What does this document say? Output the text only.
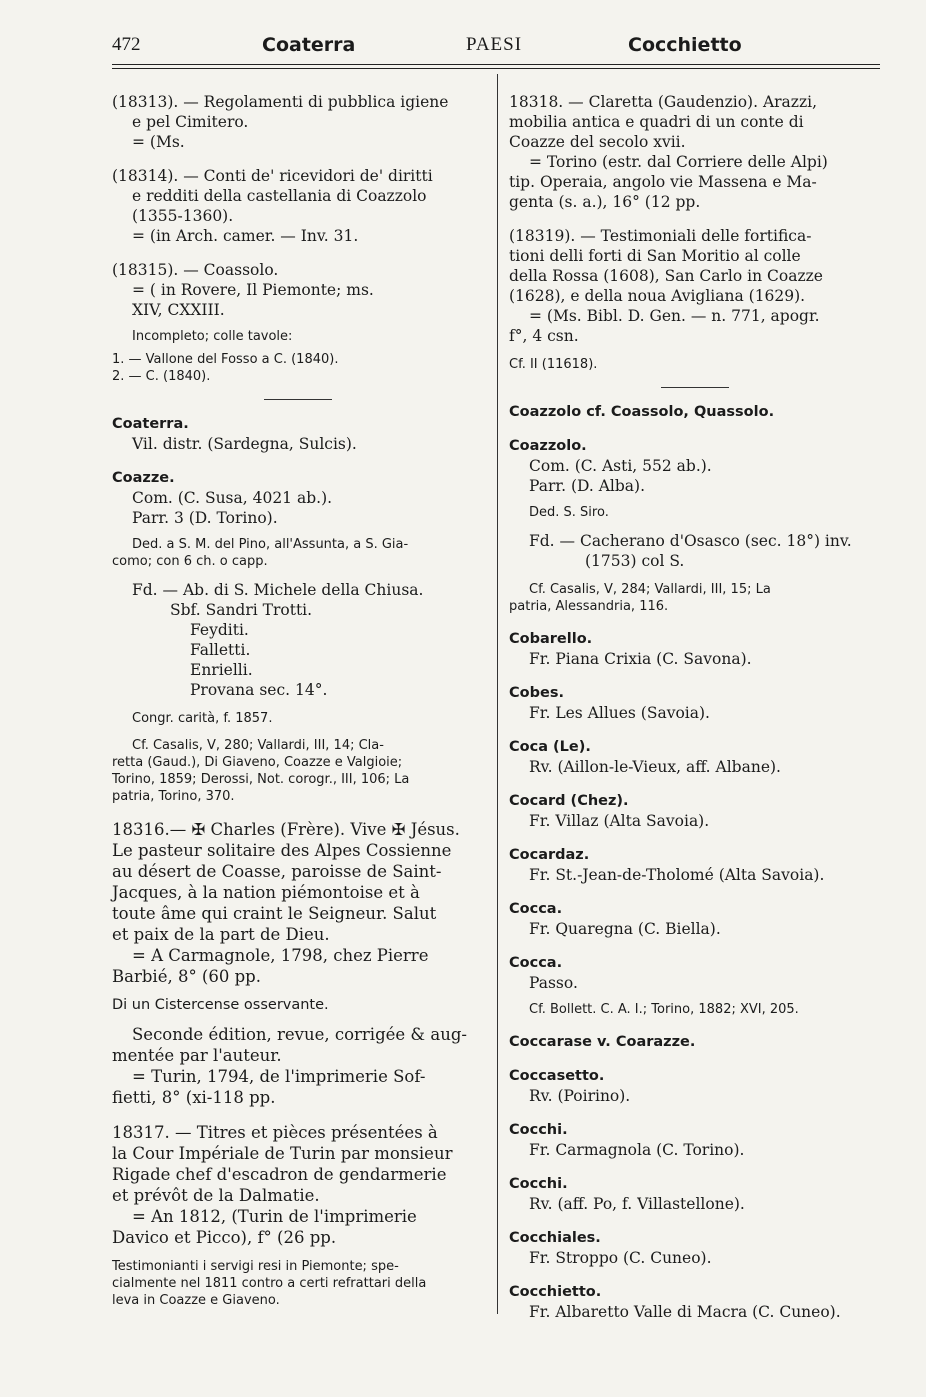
472	Coaterra	PAESI	Cocchietto

(18313). — Regolamenti di pubblica igiene

e pel Cimitero.

= (Ms.

(18314). — Conti de' ricevidori de' diritti

e redditi della castellania di Coazzolo

(1355-1360).

= (in Arch. camer. — Inv. 31.

(18315). — Coassolo.

= ( in Rovere, Il Piemonte; ms.

XIV, CXXIII.

Incompleto; colle tavole:

1. — Vallone del Fosso a C. (1840).

2. — C. (1840).

Coaterra.

Vil. distr. (Sardegna, Sulcis).

Coazze.

Com. (C. Susa, 4021 ab.).

Parr. 3 (D. Torino).

Ded. a S. M. del Pino, all'Assunta, a S. Gia-

como; con 6 ch. o capp.

Fd. — Ab. di S. Michele della Chiusa.

Sbf. Sandri Trotti.

Feyditi.

Falletti.

Enrielli.

Provana sec. 14°.

Congr. carità, f. 1857.

Cf. Casalis, V, 280; Vallardi, III, 14; Cla-

retta (Gaud.), Di Giaveno, Coazze e Valgioie;

Torino, 1859; Derossi, Not. corogr., III, 106; La

patria, Torino, 370.

18316.— ✠ Charles (Frère). Vive ✠ Jésus.

Le pasteur solitaire des Alpes Cossienne

au désert de Coasse, paroisse de Saint-

Jacques, à la nation piémontoise et à

toute âme qui craint le Seigneur. Salut

et paix de la part de Dieu.

= A Carmagnole, 1798, chez Pierre

Barbié, 8° (60 pp.

Di un Cistercense osservante.

Seconde édition, revue, corrigée & aug-

mentée par l'auteur.

= Turin, 1794, de l'imprimerie Sof-

fietti, 8° (xi-118 pp.

18317. — Titres et pièces présentées à

la Cour Impériale de Turin par monsieur

Rigade chef d'escadron de gendarmerie

et prévôt de la Dalmatie.

= An 1812, (Turin de l'imprimerie

Davico et Picco), f° (26 pp.

Testimonianti i servigi resi in Piemonte; spe-

cialmente nel 1811 contro a certi refrattari della

leva in Coazze e Giaveno.

18318. — Claretta (Gaudenzio). Arazzi,

mobilia antica e quadri di un conte di

Coazze del secolo xvii.

= Torino (estr. dal Corriere delle Alpi)

tip. Operaia, angolo vie Massena e Ma-

genta (s. a.), 16° (12 pp.

(18319). — Testimoniali delle fortifica-

tioni delli forti di San Moritio al colle

della Rossa (1608), San Carlo in Coazze

(1628), e della noua Avigliana (1629).

= (Ms. Bibl. D. Gen. — n. 771, apogr.

f°, 4 csn.

Cf. II (11618).

Coazzolo cf. Coassolo, Quassolo.

Coazzolo.

Com. (C. Asti, 552 ab.).

Parr. (D. Alba).

Ded. S. Siro.

Fd. — Cacherano d'Osasco (sec. 18°) inv.

(1753) col S.

Cf. Casalis, V, 284; Vallardi, III, 15; La

patria, Alessandria, 116.

Cobarello.

Fr. Piana Crixia (C. Savona).

Cobes.

Fr. Les Allues (Savoia).

Coca (Le).

Rv. (Aillon-le-Vieux, aff. Albane).

Cocard (Chez).

Fr. Villaz (Alta Savoia).

Cocardaz.

Fr. St.-Jean-de-Tholomé (Alta Savoia).

Cocca.

Fr. Quaregna (C. Biella).

Cocca.

Passo.

Cf. Bollett. C. A. I.; Torino, 1882; XVI, 205.

Coccarase v. Coarazze.

Coccasetto.

Rv. (Poirino).

Cocchi.

Fr. Carmagnola (C. Torino).

Cocchi.

Rv. (aff. Po, f. Villastellone).

Cocchiales.

Fr. Stroppo (C. Cuneo).

Cocchietto.

Fr. Albaretto Valle di Macra (C. Cuneo).
